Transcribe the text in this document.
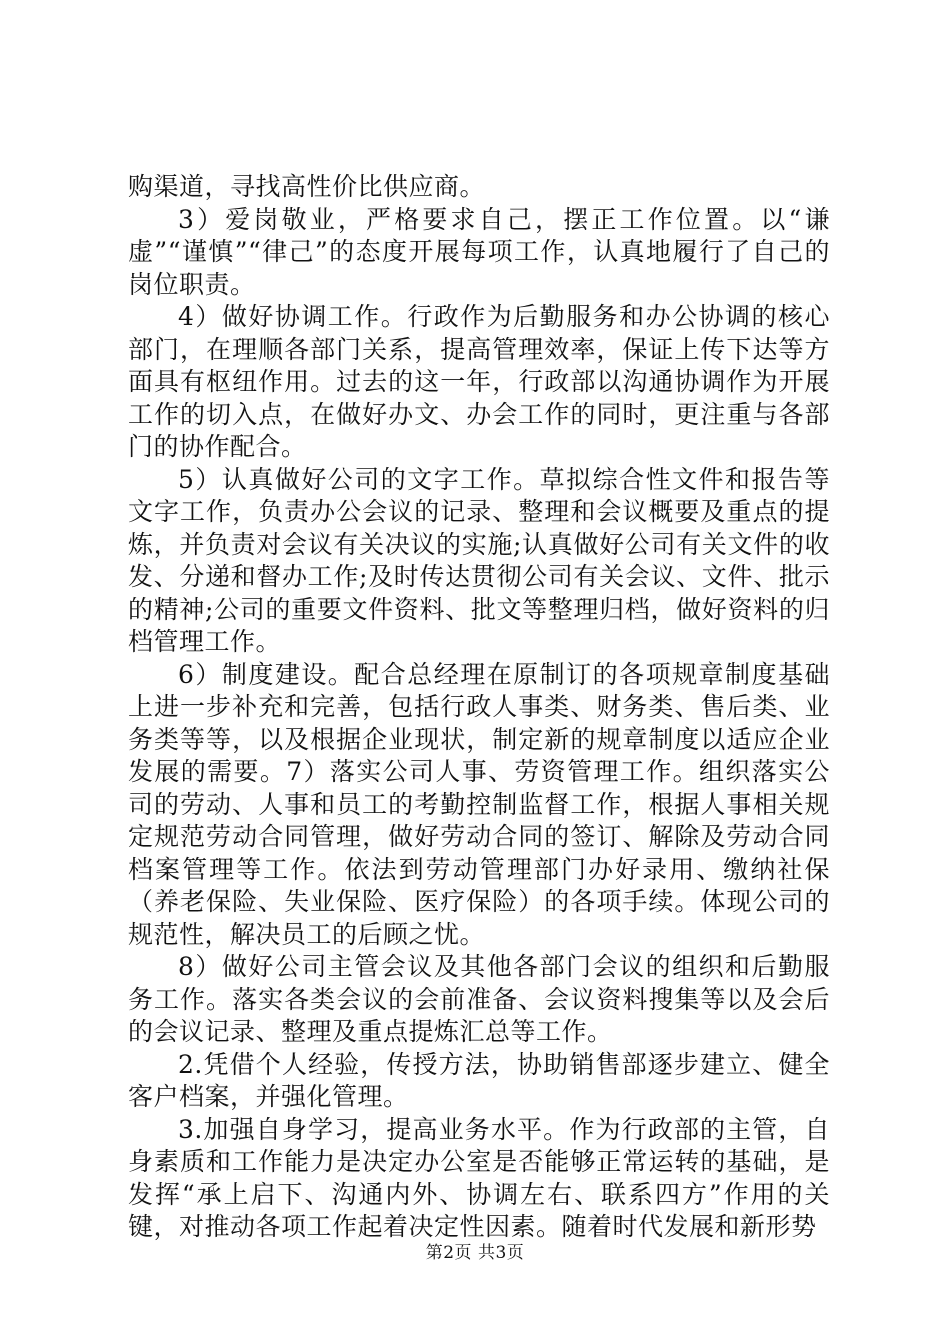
购渠道，寻找高性价比供应商。

3）爱岗敬业，严格要求自己，摆正工作位置。以“谦虚”“谨慎”“律己”的态度开展每项工作，认真地履行了自己的岗位职责。

4）做好协调工作。行政作为后勤服务和办公协调的核心部门，在理顺各部门关系，提高管理效率，保证上传下达等方面具有枢纽作用。过去的这一年，行政部以沟通协调作为开展工作的切入点，在做好办文、办会工作的同时，更注重与各部门的协作配合。

5）认真做好公司的文字工作。草拟综合性文件和报告等文字工作，负责办公会议的记录、整理和会议概要及重点的提炼，并负责对会议有关决议的实施;认真做好公司有关文件的收发、分递和督办工作;及时传达贯彻公司有关会议、文件、批示的精神;公司的重要文件资料、批文等整理归档，做好资料的归档管理工作。

6）制度建设。配合总经理在原制订的各项规章制度基础上进一步补充和完善，包括行政人事类、财务类、售后类、业务类等等，以及根据企业现状，制定新的规章制度以适应企业发展的需要。7）落实公司人事、劳资管理工作。组织落实公司的劳动、人事和员工的考勤控制监督工作，根据人事相关规定规范劳动合同管理，做好劳动合同的签订、解除及劳动合同档案管理等工作。依法到劳动管理部门办好录用、缴纳社保（养老保险、失业保险、医疗保险）的各项手续。体现公司的规范性，解决员工的后顾之忧。

8）做好公司主管会议及其他各部门会议的组织和后勤服务工作。落实各类会议的会前准备、会议资料搜集等以及会后的会议记录、整理及重点提炼汇总等工作。

2.凭借个人经验，传授方法，协助销售部逐步建立、健全客户档案，并强化管理。

3.加强自身学习，提高业务水平。作为行政部的主管，自身素质和工作能力是决定办公室是否能够正常运转的基础，是发挥“承上启下、沟通内外、协调左右、联系四方”作用的关键，对推动各项工作起着决定性因素。随着时代发展和新形势

第2页 共3页
